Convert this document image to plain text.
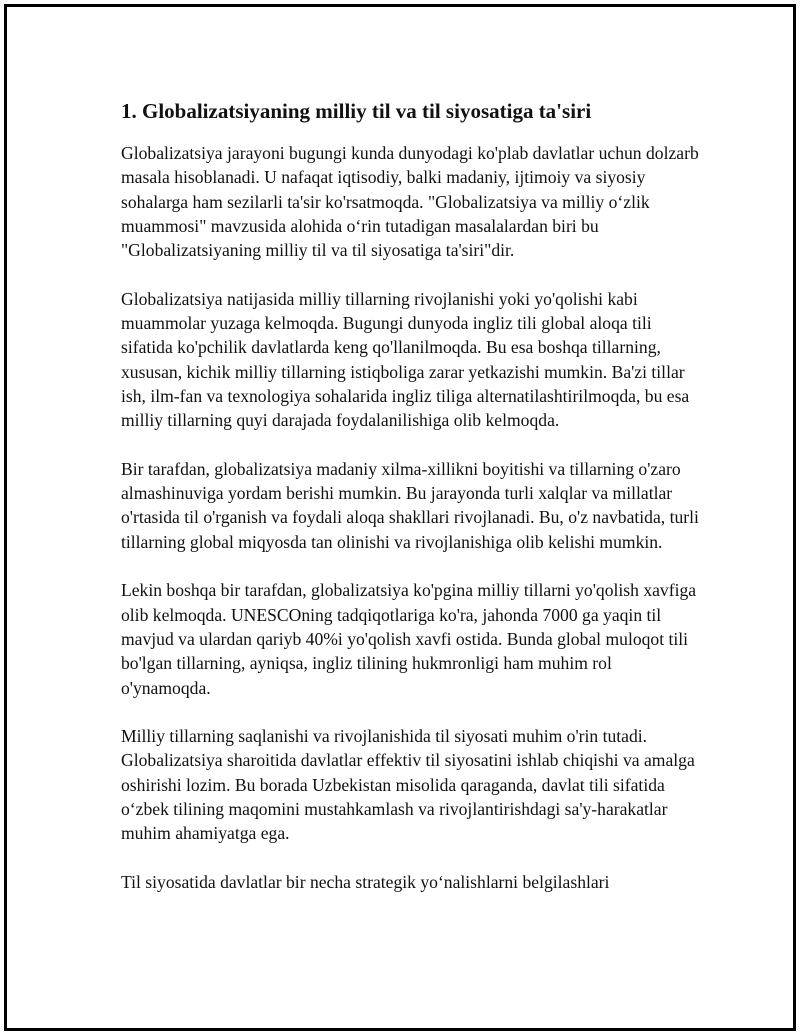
1. Globalizatsiyaning milliy til va til siyosatiga ta'siri

Globalizatsiya jarayoni bugungi kunda dunyodagi ko'plab davlatlar uchun dolzarb masala hisoblanadi. U nafaqat iqtisodiy, balki madaniy, ijtimoiy va siyosiy sohalarga ham sezilarli ta'sir ko'rsatmoqda. "Globalizatsiya va milliy o‘zlik muammosi" mavzusida alohida o‘rin tutadigan masalalardan biri bu "Globalizatsiyaning milliy til va til siyosatiga ta'siri"dir.

Globalizatsiya natijasida milliy tillarning rivojlanishi yoki yo'qolishi kabi muammolar yuzaga kelmoqda. Bugungi dunyoda ingliz tili global aloqa tili sifatida ko'pchilik davlatlarda keng qo'llanilmoqda. Bu esa boshqa tillarning, xususan, kichik milliy tillarning istiqboliga zarar yetkazishi mumkin. Ba'zi tillar ish, ilm-fan va texnologiya sohalarida ingliz tiliga alternatilashtirilmoqda, bu esa milliy tillarning quyi darajada foydalanilishiga olib kelmoqda.

Bir tarafdan, globalizatsiya madaniy xilma-xillikni boyitishi va tillarning o'zaro almashinuviga yordam berishi mumkin. Bu jarayonda turli xalqlar va millatlar o'rtasida til o'rganish va foydali aloqa shakllari rivojlanadi. Bu, o'z navbatida, turli tillarning global miqyosda tan olinishi va rivojlanishiga olib kelishi mumkin.

Lekin boshqa bir tarafdan, globalizatsiya ko'pgina milliy tillarni yo'qolish xavfiga olib kelmoqda. UNESCOning tadqiqotlariga ko'ra, jahonda 7000 ga yaqin til mavjud va ulardan qariyb 40%i yo'qolish xavfi ostida. Bunda global muloqot tili bo'lgan tillarning, ayniqsa, ingliz tilining hukmronligi ham muhim rol o'ynamoqda.

Milliy tillarning saqlanishi va rivojlanishida til siyosati muhim o'rin tutadi. Globalizatsiya sharoitida davlatlar effektiv til siyosatini ishlab chiqishi va amalga oshirishi lozim. Bu borada Uzbekistan misolida qaraganda, davlat tili sifatida o‘zbek tilining maqomini mustahkamlash va rivojlantirishdagi sa'y-harakatlar muhim ahamiyatga ega.

Til siyosatida davlatlar bir necha strategik yo‘nalishlarni belgilashlari
